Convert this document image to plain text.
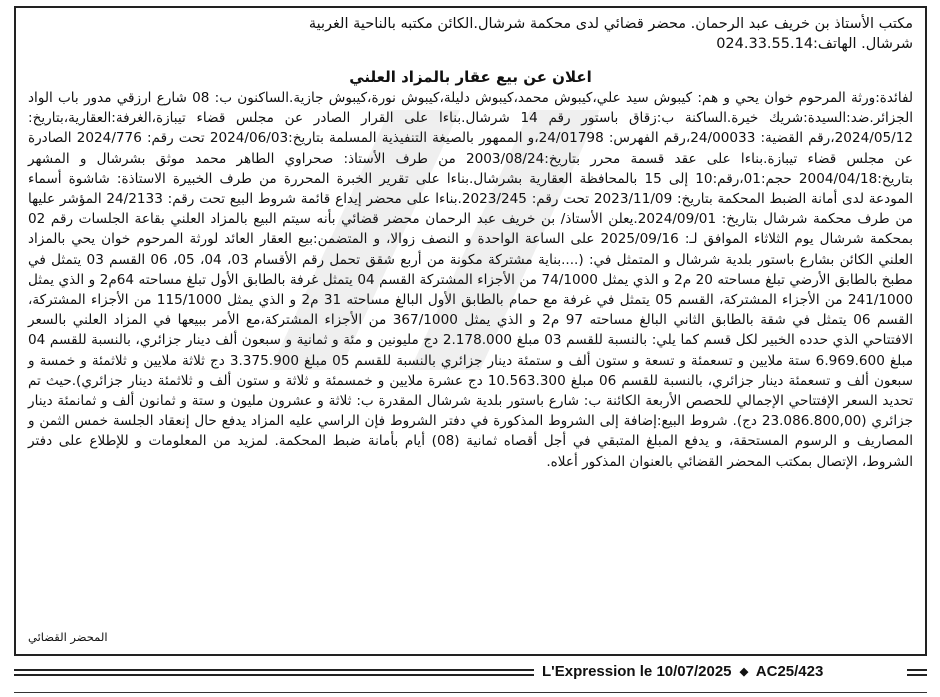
مكتب الأستاذ بن خريف عبد الرحمان. محضر قضائي لدى محكمة شرشال.الكائن مكتبه بالناحية الغربية
شرشال. الهاتف:024.33.55.14
اعلان عن بيع عقار بالمزاد العلني

لفائدة:ورثة المرحوم خوان يحي و هم: كيبوش سيد علي،كيبوش محمد،كيبوش دليلة،كيبوش نورة،كيبوش جازية.الساكنون ب: 08 شارع ارزقي مدور باب الواد الجزائر.ضد:السيدة:شريك خيرة.الساكنة ب:زقاق باستور رقم 14 شرشال.بناءا على القرار الصادر عن مجلس قضاء تيبازة،الغرفة:العقارية،بتاريخ: 2024/05/12،رقم القضية: 24/00033،رقم الفهرس: 24/01798،و الممهور بالصيغة التنفيذية المسلمة بتاريخ:2024/06/03 تحت رقم: 2024/776 الصادرة عن مجلس قضاء تيبازة.بناءا على عقد قسمة محرر بتاريخ:2003/08/24 من طرف الأستاذ: صحراوي الطاهر محمد موثق بشرشال و المشهر بتاريخ:2004/04/18 حجم:01،رقم:10 إلى 15 بالمحافظة العقارية بشرشال.بناءا على تقرير الخبرة المحررة من طرف الخبيرة الاستاذة: شاشوة أسماء المودعة لدى أمانة الضبط المحكمة بتاريخ: 2023/11/09 تحت رقم: 2023/245.بناءا على محضر إيداع قائمة شروط البيع تحت رقم: 24/2133 المؤشر عليها من طرف محكمة شرشال بتاريخ: 2024/09/01.يعلن الأستاذ/ بن خريف عبد الرحمان محضر قضائي بأنه سيتم البيع بالمزاد العلني بقاعة الجلسات رقم 02 بمحكمة شرشال يوم الثلاثاء الموافق لـ: 2025/09/16 على الساعة الواحدة و النصف زوالا، و المتضمن:بيع العقار العائد لورثة المرحوم خوان يحي بالمزاد العلني الكائن بشارع باستور بلدية شرشال و المتمثل في: (....بناية مشتركة مكونة من أربع شقق تحمل رقم الأقسام 03، 04، 05، 06 القسم 03 يتمثل في مطبخ بالطابق الأرضي تبلغ مساحته 20 م2 و الذي يمثل 74/1000 من الأجزاء المشتركة القسم 04 يتمثل غرفة بالطابق الأول تبلغ مساحته 64م2 و الذي يمثل 241/1000 من الأجزاء المشتركة، القسم 05 يتمثل في غرفة مع حمام بالطابق الأول البالغ مساحته 31 م2 و الذي يمثل 115/1000 من الأجزاء المشتركة، القسم 06 يتمثل في شقة بالطابق الثاني البالغ مساحته 97 م2 و الذي يمثل 367/1000 من الأجزاء المشتركة،مع الأمر ببيعها في المزاد العلني بالسعر الافتتاحي الذي حدده الخبير لكل قسم كما يلي: بالنسبة للقسم 03 مبلغ 2.178.000 دج مليونين و مئة و ثمانية و سبعون ألف دينار جزائري، بالنسبة للقسم 04 مبلغ 6.969.600 ستة ملايين و تسعمئة و تسعة و ستون ألف و ستمئة دينار جزائري بالنسبة للقسم 05 مبلغ 3.375.900 دج ثلاثة ملايين و ثلاثمئة و خمسة و سبعون ألف و تسعمئة دينار جزائري، بالنسبة للقسم 06 مبلغ 10.563.300 دج عشرة ملايين و خمسمئة و ثلاثة و ستون ألف و ثلاثمئة دينار جزائري).حيث تم تحديد السعر الإفتتاحي الإجمالي للحصص الأربعة الكائنة ب: شارع باستور بلدية شرشال المقدرة ب: ثلاثة و عشرون مليون و ستة و ثمانون ألف و ثمانمئة دينار جزائري (23.086.800,00 دج). شروط البيع:إضافة إلى الشروط المذكورة في دفتر الشروط فإن الراسي عليه المزاد يدفع حال إنعقاد الجلسة خمس الثمن و المصاريف و الرسوم المستحقة، و يدفع المبلغ المتبقي في أجل أقصاه ثمانية (08) أيام بأمانة ضبط المحكمة. لمزيد من المعلومات و للإطلاع على دفتر الشروط، الإتصال بمكتب المحضر القضائي بالعنوان المذكور أعلاه.

المحضر القضائي
L'Expression le 10/07/2025 ◆ AC25/423
